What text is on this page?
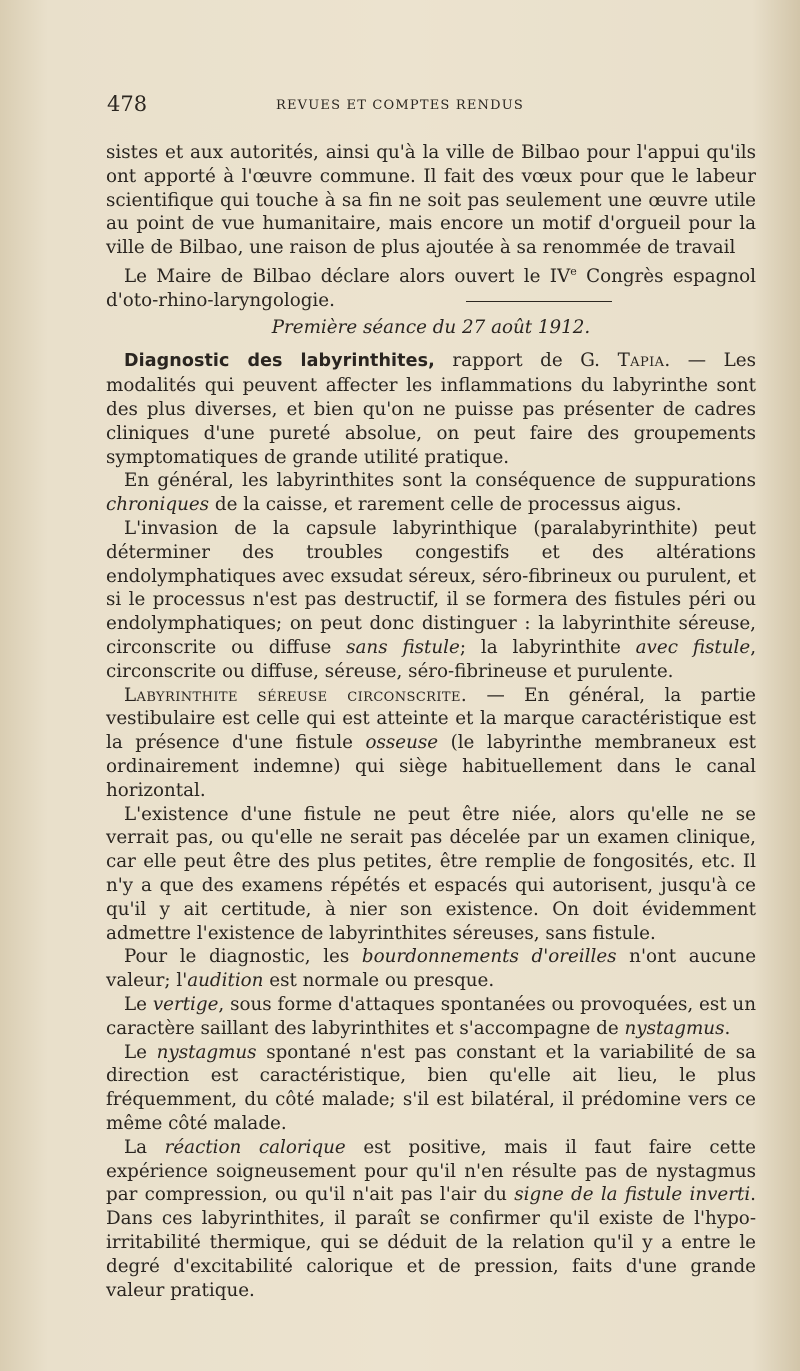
478	REVUES ET COMPTES RENDUS

sistes et aux autorités, ainsi qu'à la ville de Bilbao pour l'appui qu'ils ont apporté à l'œuvre commune. Il fait des vœux pour que le labeur scientifique qui touche à sa fin ne soit pas seulement une œuvre utile au point de vue humanitaire, mais encore un motif d'orgueil pour la ville de Bilbao, une raison de plus ajoutée à sa renommée de travail

Le Maire de Bilbao déclare alors ouvert le IVe Congrès espagnol d'oto-rhino-laryngologie.

Première séance du 27 août 1912.

Diagnostic des labyrinthites, rapport de G. Tapia. — Les modalités qui peuvent affecter les inflammations du labyrinthe sont des plus diverses, et bien qu'on ne puisse pas présenter de cadres cliniques d'une pureté absolue, on peut faire des groupements symptomatiques de grande utilité pratique.

En général, les labyrinthites sont la conséquence de suppurations chroniques de la caisse, et rarement celle de processus aigus.

L'invasion de la capsule labyrinthique (paralabyrinthite) peut déterminer des troubles congestifs et des altérations endolymphatiques avec exsudat séreux, séro-fibrineux ou purulent, et si le processus n'est pas destructif, il se formera des fistules péri ou endolymphatiques; on peut donc distinguer : la labyrinthite séreuse, circonscrite ou diffuse sans fistule; la labyrinthite avec fistule, circonscrite ou diffuse, séreuse, séro-fibrineuse et purulente.

Labyrinthite séreuse circonscrite. — En général, la partie vestibulaire est celle qui est atteinte et la marque caractéristique est la présence d'une fistule osseuse (le labyrinthe membraneux est ordinairement indemne) qui siège habituellement dans le canal horizontal.

L'existence d'une fistule ne peut être niée, alors qu'elle ne se verrait pas, ou qu'elle ne serait pas décelée par un examen clinique, car elle peut être des plus petites, être remplie de fongosités, etc. Il n'y a que des examens répétés et espacés qui autorisent, jusqu'à ce qu'il y ait certitude, à nier son existence. On doit évidemment admettre l'existence de labyrinthites séreuses, sans fistule.

Pour le diagnostic, les bourdonnements d'oreilles n'ont aucune valeur; l'audition est normale ou presque.

Le vertige, sous forme d'attaques spontanées ou provoquées, est un caractère saillant des labyrinthites et s'accompagne de nystagmus.

Le nystagmus spontané n'est pas constant et la variabilité de sa direction est caractéristique, bien qu'elle ait lieu, le plus fréquemment, du côté malade; s'il est bilatéral, il prédomine vers ce même côté malade.

La réaction calorique est positive, mais il faut faire cette expérience soigneusement pour qu'il n'en résulte pas de nystagmus par compression, ou qu'il n'ait pas l'air du signe de la fistule inverti. Dans ces labyrinthites, il paraît se confirmer qu'il existe de l'hypo-irritabilité thermique, qui se déduit de la relation qu'il y a entre le degré d'excitabilité calorique et de pression, faits d'une grande valeur pratique.
